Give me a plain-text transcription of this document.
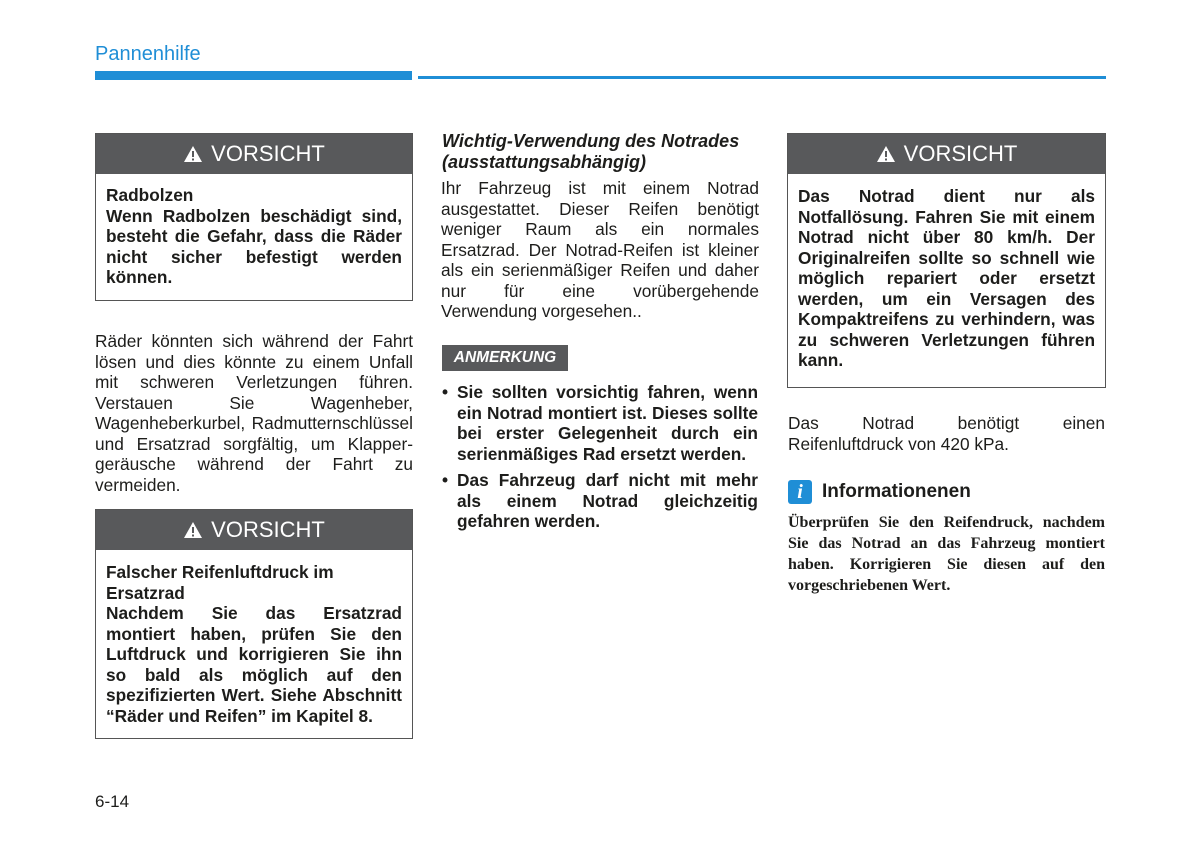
Pannenhilfe
VORSICHT

Radbolzen

Wenn Radbolzen beschädigt sind, besteht die Gefahr, dass die Räder nicht sicher befestigt werden können.

Räder könnten sich während der Fahrt lösen und dies könnte zu einem Unfall mit schweren Verletzungen führen. Verstauen Sie Wagenheber, Wagenheberkurbel, Radmutternschlüssel und Ersatzrad sorgfältig, um Klapper-geräusche während der Fahrt zu vermeiden.

VORSICHT

Falscher Reifenluftdruck im Ersatzrad

Nachdem Sie das Ersatzrad montiert haben, prüfen Sie den Luftdruck und korrigieren Sie ihn so bald als möglich auf den spezifizierten Wert. Siehe Abschnitt “Räder und Reifen” im Kapitel 8.

Wichtig-Verwendung des Notrades (ausstattungsabhängig)

Ihr Fahrzeug ist mit einem Notrad ausgestattet. Dieser Reifen benötigt weniger Raum als ein normales Ersatzrad. Der Notrad-Reifen ist kleiner als ein serienmäßiger Reifen und daher nur für eine vorübergehende Verwendung vorgesehen..

ANMERKUNG
• Sie sollten vorsichtig fahren, wenn ein Notrad montiert ist. Dieses sollte bei erster Gelegenheit durch ein serienmäßiges Rad ersetzt werden.
• Das Fahrzeug darf nicht mit mehr als einem Notrad gleichzeitig gefahren werden.
VORSICHT

Das Notrad dient nur als Notfallösung. Fahren Sie mit einem Notrad nicht über 80 km/h. Der Originalreifen sollte so schnell wie möglich repariert oder ersetzt werden, um ein Versagen des Kompaktreifens zu verhindern, was zu schweren Verletzungen führen kann.

Das Notrad benötigt einen Reifenluftdruck von 420 kPa.

i	Informationenen

Überprüfen Sie den Reifendruck, nachdem Sie das Notrad an das Fahrzeug montiert haben. Korrigieren Sie diesen auf den vorgeschriebenen Wert.

6-14
